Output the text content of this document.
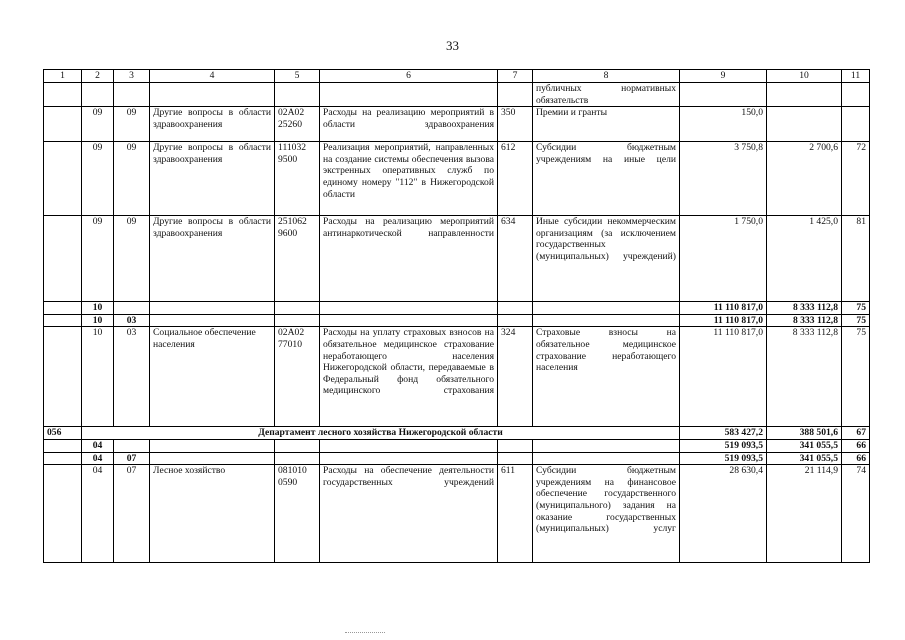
33
1	2	3	4	5	6	7	8	9	10	11
							публичных нормативных обязательств			
	09	09	Другие вопросы в области здравоохранения	02А02 25260	Расходы на реализацию мероприятий в области здравоохранения	350	Премии и гранты	150,0		
	09	09	Другие вопросы в области здравоохранения	111032 9500	Реализация мероприятий, направленных на создание системы обеспечения вызова экстренных оперативных служб по единому номеру "112" в Нижегородской области	612	Субсидии бюджетным учреждениям на иные цели	3 750,8	2 700,6	72
	09	09	Другие вопросы в области здравоохранения	251062 9600	Расходы на реализацию мероприятий антинаркотической направленности	634	Иные субсидии некоммерческим организациям (за исключением государственных (муниципальных) учреждений)	1 750,0	1 425,0	81
	10							11 110 817,0	8 333 112,8	75
	10	03						11 110 817,0	8 333 112,8	75
	10	03	Социальное обеспечение населения	02А02 77010	Расходы на уплату страховых взносов на обязательное медицинское страхование неработающего населения Нижегородской области, передаваемые в Федеральный фонд обязательного медицинского страхования	324	Страховые взносы на обязательное медицинское страхование неработающего населения	11 110 817,0	8 333 112,8	75
056	Департамент лесного хозяйства Нижегородской области							583 427,2	388 501,6	67
	04							519 093,5	341 055,5	66
	04	07						519 093,5	341 055,5	66
	04	07	Лесное хозяйство	081010 0590	Расходы на обеспечение деятельности государственных учреждений	611	Субсидии бюджетным учреждениям на финансовое обеспечение государственного (муниципального) задания на оказание государственных (муниципальных) услуг	28 630,4	21 114,9	74
